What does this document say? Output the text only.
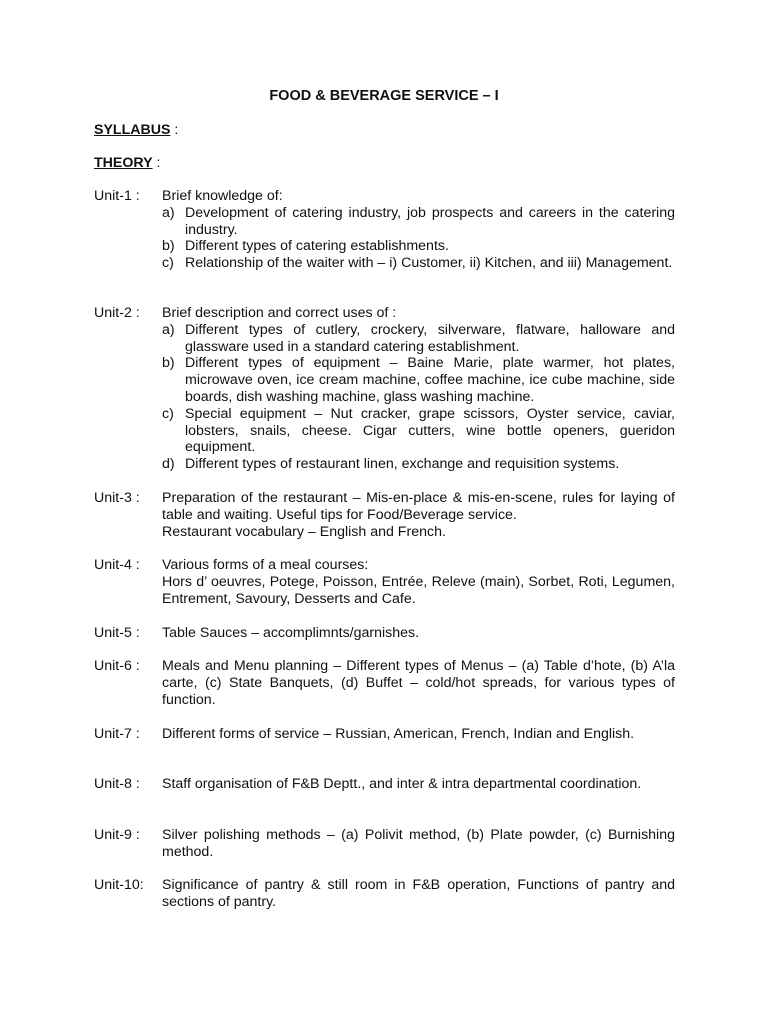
FOOD & BEVERAGE SERVICE – I
SYLLABUS :
THEORY :
Unit-1 :	Brief knowledge of:

a) Development of catering industry, job prospects and careers in the catering industry.
b) Different types of catering establishments.
c) Relationship of the waiter with – i) Customer, ii) Kitchen, and iii) Management.
Unit-2 :	Brief description and correct uses of :

a) Different types of cutlery, crockery, silverware, flatware, halloware and glassware used in a standard catering establishment.
b) Different types of equipment – Baine Marie, plate warmer, hot plates, microwave oven, ice cream machine, coffee machine, ice cube machine, side boards, dish washing machine, glass washing machine.
c) Special equipment – Nut cracker, grape scissors, Oyster service, caviar, lobsters, snails, cheese. Cigar cutters, wine bottle openers, gueridon equipment.
d) Different types of restaurant linen, exchange and requisition systems.
Unit-3 :	Preparation of the restaurant – Mis-en-place & mis-en-scene, rules for laying of table and waiting. Useful tips for Food/Beverage service.

Restaurant vocabulary – English and French.

Unit-4 :	Various forms of a meal courses:

Hors d’ oeuvres, Potege, Poisson, Entrée, Releve (main), Sorbet, Roti, Legumen, Entrement, Savoury, Desserts and Cafe.

Unit-5 :	Table Sauces – accomplimnts/garnishes.

Unit-6 :	Meals and Menu planning – Different types of Menus – (a) Table d’hote, (b) A’la carte, (c) State Banquets, (d) Buffet – cold/hot spreads, for various types of function.

Unit-7 :	Different forms of service – Russian, American, French, Indian and English.

Unit-8 :	Staff organisation of F&B Deptt., and inter & intra departmental coordination.

Unit-9 :	Silver polishing methods – (a) Polivit method, (b) Plate powder, (c) Burnishing method.

Unit-10:	Significance of pantry & still room in F&B operation, Functions of pantry and sections of pantry.
